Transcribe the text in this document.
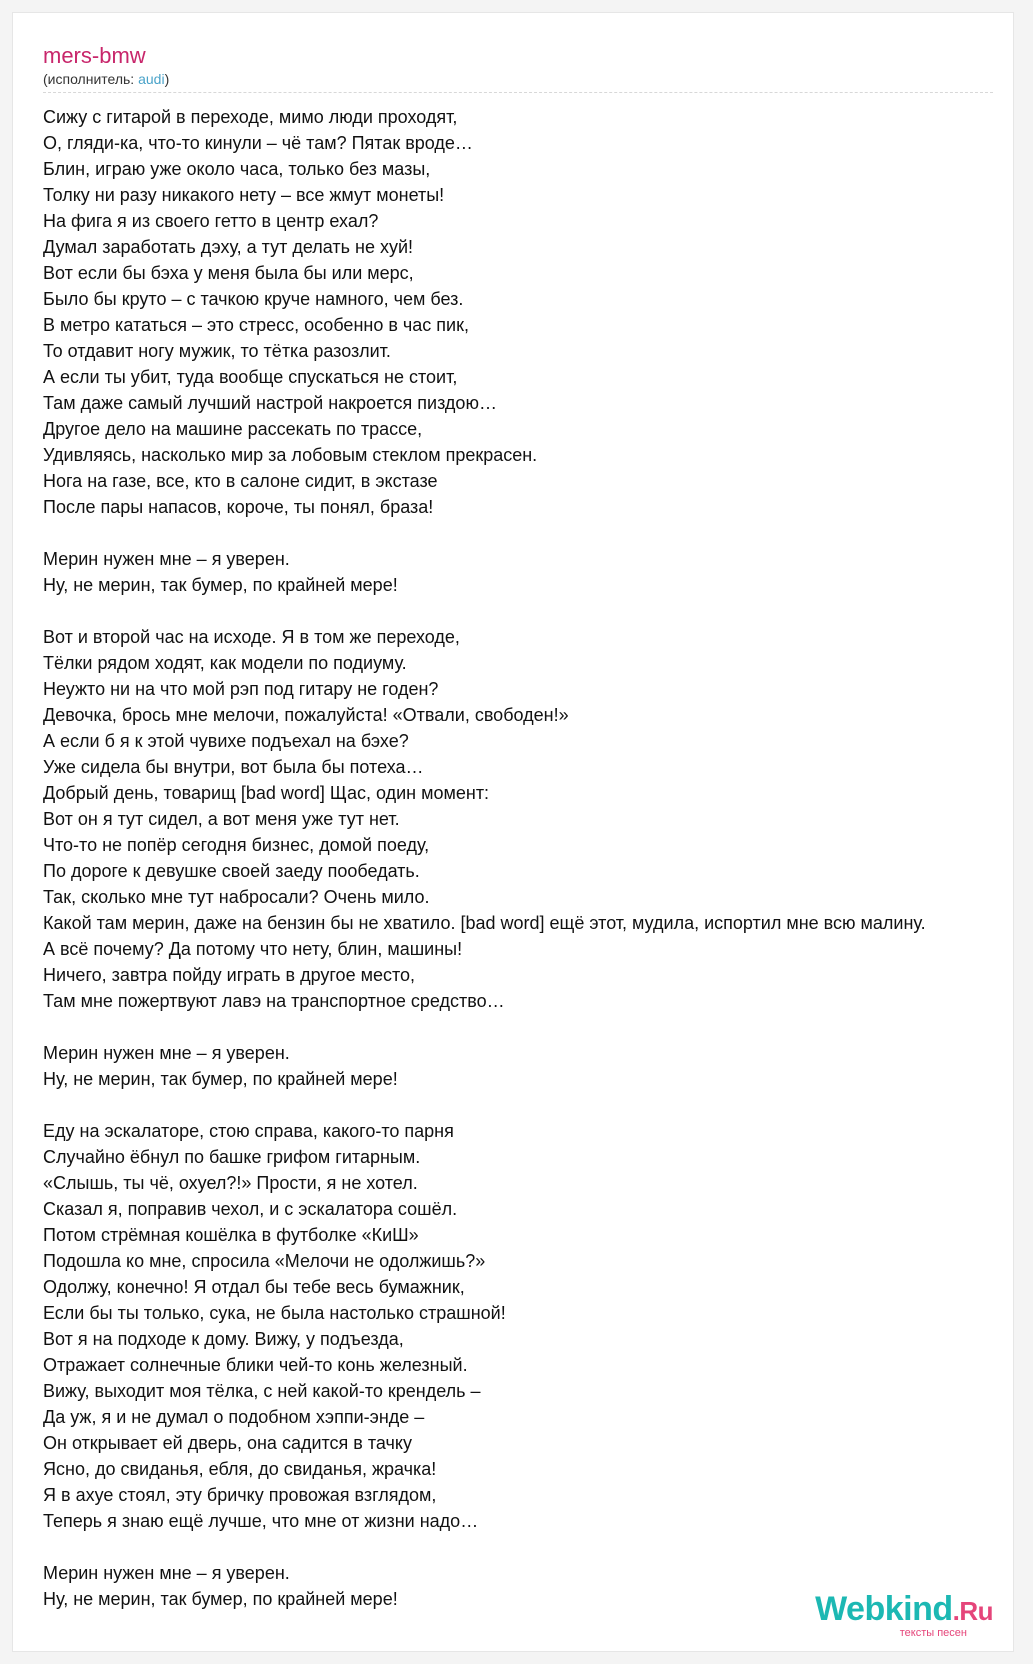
mers-bmw
(исполнитель: audi)
Сижу с гитарой в переходе, мимо люди проходят,
О, гляди-ка, что-то кинули – чё там? Пятак вроде…
Блин, играю уже около часа, только без мазы,
Толку ни разу никакого нету – все жмут монеты!
На фига я из своего гетто в центр ехал?
Думал заработать дэху, а тут делать не хуй!
Вот если бы бэха у меня была бы или мерс,
Было бы круто – с тачкою круче намного, чем без.
В метро кататься – это стресс, особенно в час пик,
То отдавит ногу мужик, то тётка разозлит.
А если ты убит, туда вообще спускаться не стоит,
Там даже самый лучший настрой накроется пиздою…
Другое дело на машине рассекать по трассе,
Удивляясь, насколько мир за лобовым стеклом прекрасен.
Нога на газе, все, кто в салоне сидит, в экстазе
После пары напасов, короче, ты понял, браза!
Мерин нужен мне – я уверен.
Ну, не мерин, так бумер, по крайней мере!
Вот и второй час на исходе. Я в том же переходе,
Тёлки рядом ходят, как модели по подиуму.
Неужто ни на что мой рэп под гитару не годен?
Девочка, брось мне мелочи, пожалуйста! «Отвали, свободен!»
А если б я к этой чувихе подъехал на бэхе?
Уже сидела бы внутри, вот была бы потеха…
Добрый день, товарищ [bad word] Щас, один момент:
Вот он я тут сидел, а вот меня уже тут нет.
Что-то не попёр сегодня бизнес, домой поеду,
По дороге к девушке своей заеду пообедать.
Так, сколько мне тут набросали? Очень мило.
Какой там мерин, даже на бензин бы не хватило. [bad word] ещё этот, мудила, испортил мне всю малину.
А всё почему? Да потому что нету, блин, машины!
Ничего, завтра пойду играть в другое место,
Там мне пожертвуют лавэ на транспортное средство…
Мерин нужен мне – я уверен.
Ну, не мерин, так бумер, по крайней мере!
Еду на эскалаторе, стою справа, какого-то парня
Случайно ёбнул по башке грифом гитарным.
«Слышь, ты чё, охуел?!» Прости, я не хотел.
Сказал я, поправив чехол, и с эскалатора сошёл.
Потом стрёмная кошёлка в футболке «КиШ»
Подошла ко мне, спросила «Мелочи не одолжишь?»
Одолжу, конечно! Я отдал бы тебе весь бумажник,
Если бы ты только, сука, не была настолько страшной!
Вот я на подходе к дому. Вижу, у подъезда,
Отражает солнечные блики чей-то конь железный.
Вижу, выходит моя тёлка, с ней какой-то крендель –
Да уж, я и не думал о подобном хэппи-энде –
Он открывает ей дверь, она садится в тачку
Ясно, до свиданья, ебля, до свиданья, жрачка!
Я в ахуе стоял, эту бричку провожая взглядом,
Теперь я знаю ещё лучше, что мне от жизни надо…
Мерин нужен мне – я уверен.
Ну, не мерин, так бумер, по крайней мере!	Webkind.Ru
тексты песен
